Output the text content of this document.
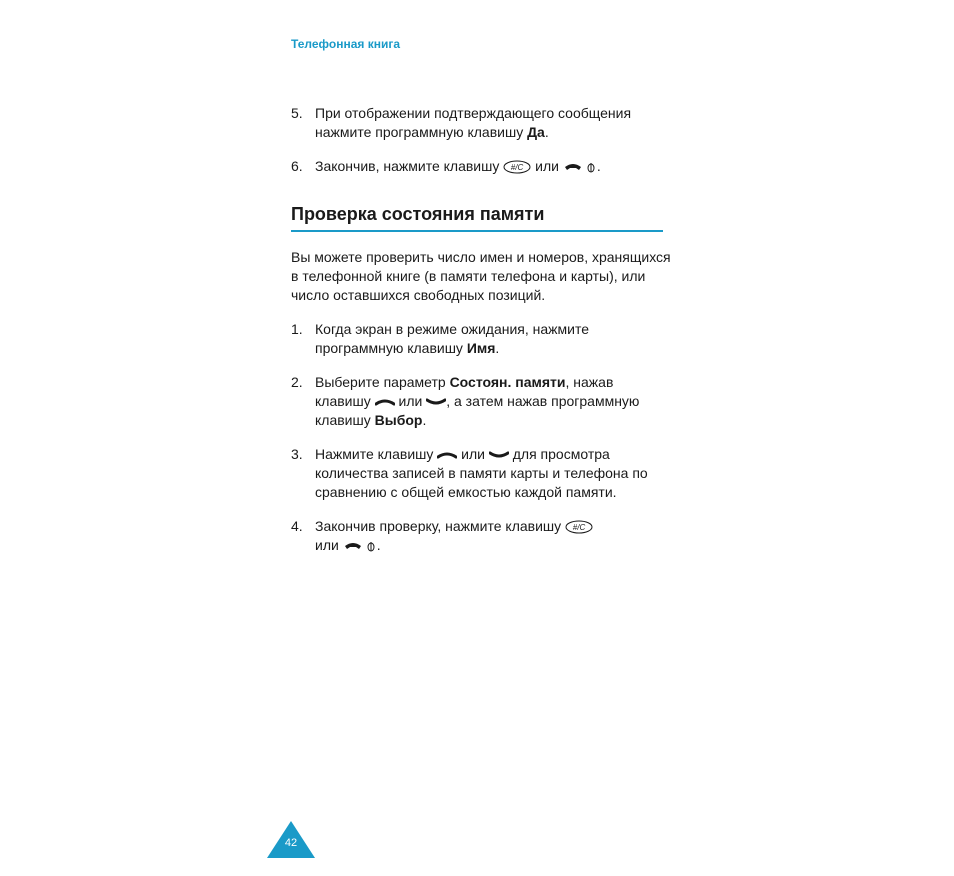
Телефонная книга
5. При отображении подтверждающего сообщения нажмите программную клавишу Да.
6. Закончив, нажмите клавишу #/C или
.
Проверка состояния памяти
Вы можете проверить число имен и номеров, хранящихся в телефонной книге (в памяти телефона и карты), или число оставшихся свободных позиций.
1. Когда экран в режиме ожидания, нажмите программную клавишу Имя.
2. Выберите параметр Состоян. памяти, нажав клавишу
или
, а затем нажав программную клавишу Выбор.
3. Нажмите клавишу
или
для просмотра количества записей в памяти карты и телефона по сравнению с общей емкостью каждой памяти.
4. Закончив проверку, нажмите клавишу #/C

или
.
42
